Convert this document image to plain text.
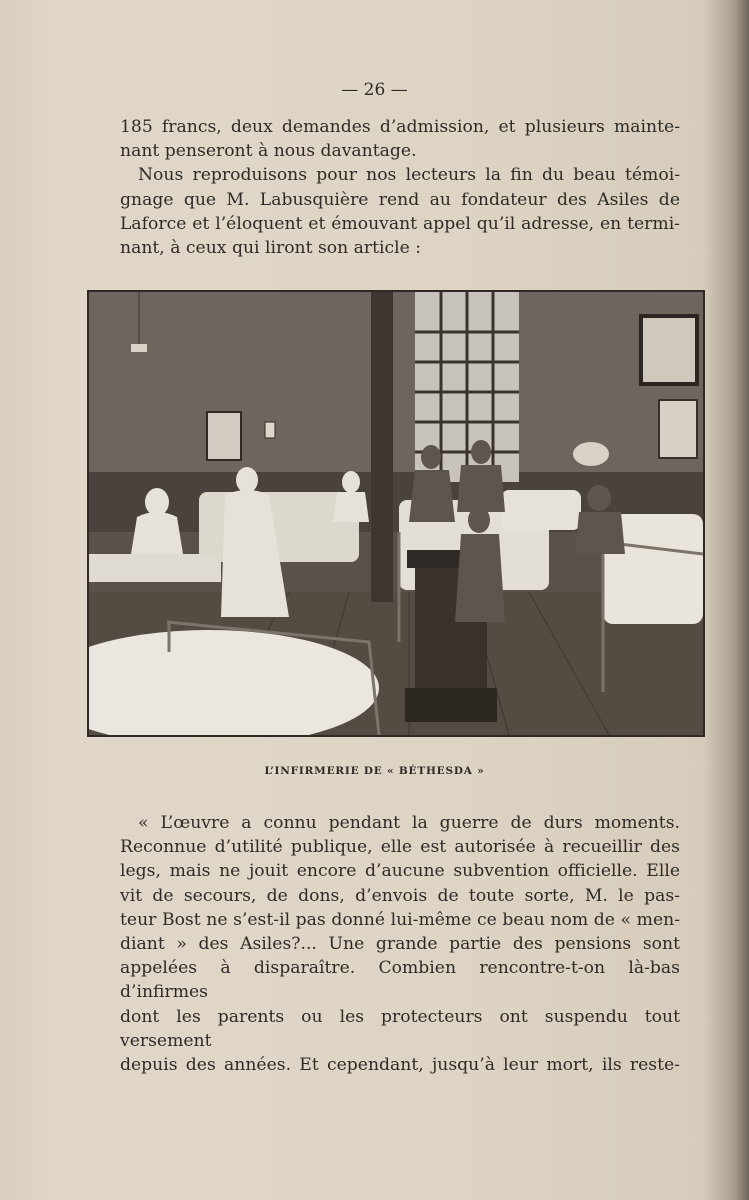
— 26 —

185 francs, deux demandes d’admission, et plusieurs mainte-

nant penseront à nous davantage.

Nous reproduisons pour nos lecteurs la fin du beau témoi-

gnage que M. Labusquière rend au fondateur des Asiles de

Laforce et l’éloquent et émouvant appel qu’il adresse, en termi-

nant, à ceux qui liront son article :

L’INFIRMERIE DE « BÉTHESDA »

« L’œuvre a connu pendant la guerre de durs moments.

Reconnue d’utilité publique, elle est autorisée à recueillir des

legs, mais ne jouit encore d’aucune subvention officielle. Elle

vit de secours, de dons, d’envois de toute sorte, M. le pas-

teur Bost ne s’est-il pas donné lui-même ce beau nom de « men-

diant » des Asiles?... Une grande partie des pensions sont

appelées à disparaître. Combien rencontre-t-on là-bas d’infirmes

dont les parents ou les protecteurs ont suspendu tout versement

depuis des années. Et cependant, jusqu’à leur mort, ils reste-
